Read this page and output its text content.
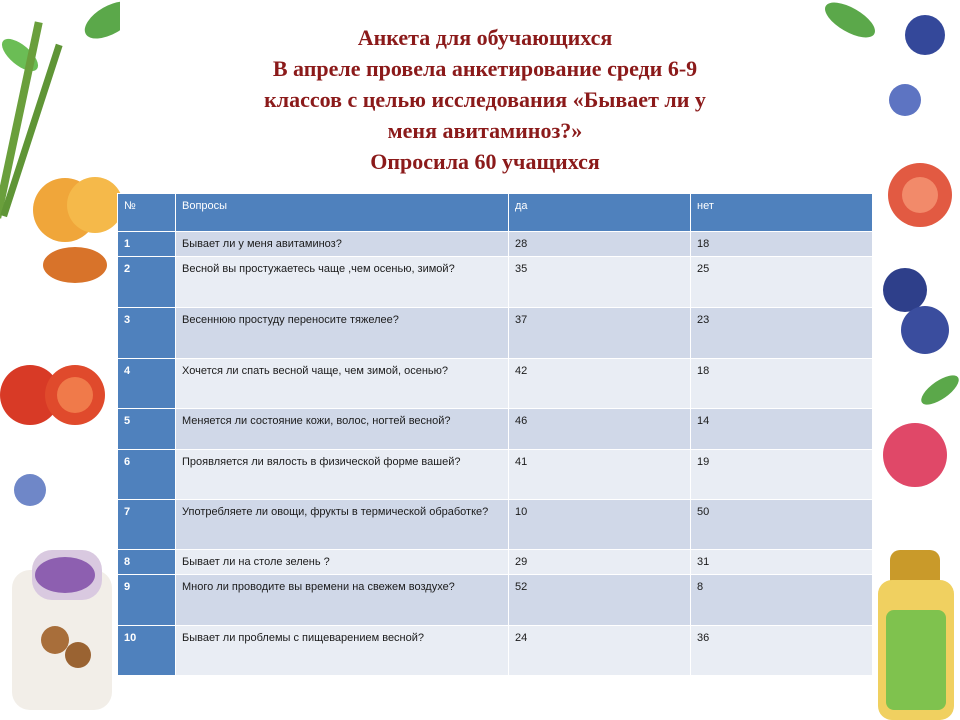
Анкета для обучающихся
В апреле провела анкетирование среди 6-9
классов с целью исследования «Бывает ли у
меня авитаминоз?»
Опросила 60 учащихся
№	Вопросы	да	нет
1	Бывает ли у меня авитаминоз?	28	18
2	Весной вы простужаетесь чаще ,чем осенью, зимой?	35	25
3	Весеннюю простуду переносите тяжелее?	37	23
4	Хочется ли спать весной чаще, чем зимой, осенью?	42	18
5	Меняется ли состояние кожи, волос, ногтей весной?	46	14
6	Проявляется ли вялость в физической форме вашей?	41	19
7	Употребляете ли овощи, фрукты в термической обработке?	10	50
8	Бывает ли на столе зелень ?	29	31
9	Много ли проводите вы времени на свежем воздухе?	52	8
10	Бывает ли проблемы с пищеварением весной?	24	36
